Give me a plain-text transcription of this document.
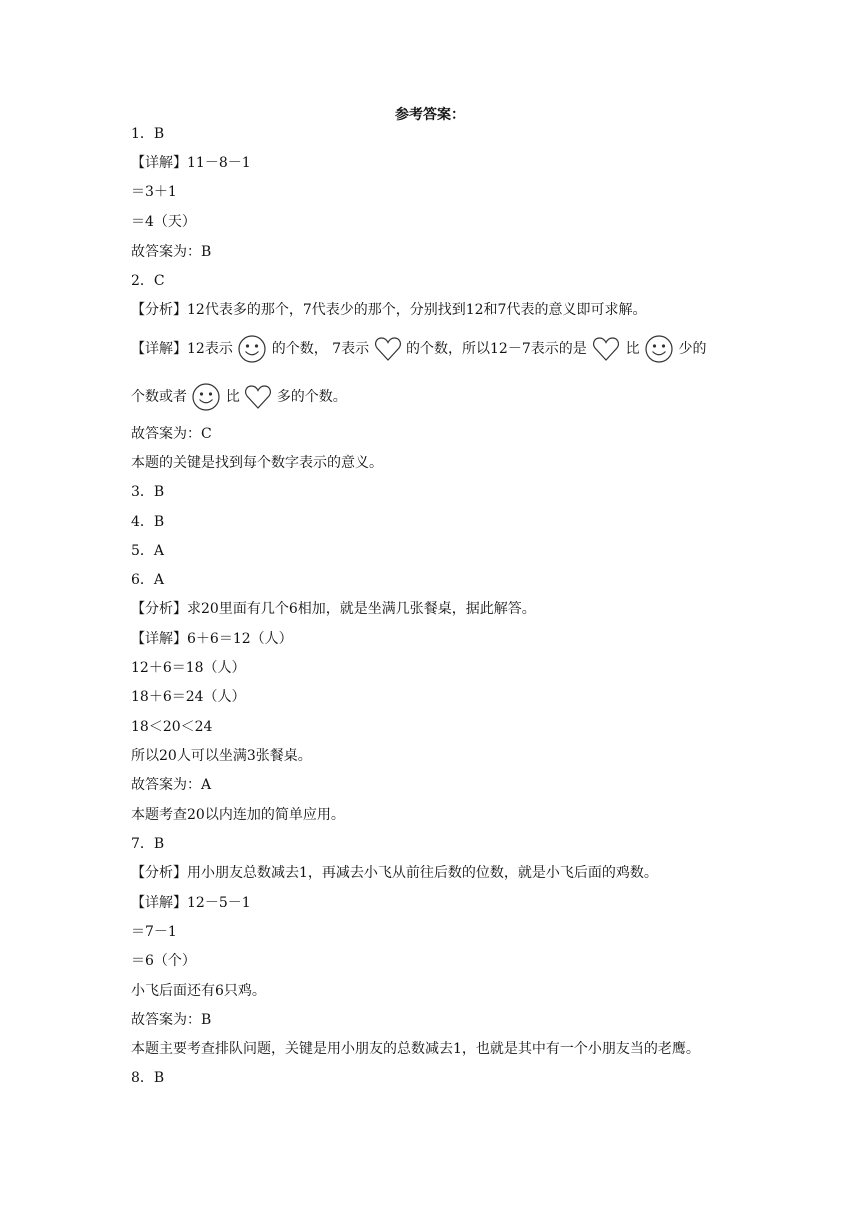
参考答案：
1．B
【详解】11－8－1
＝3＋1
＝4（天）
故答案为：B
2．C
【分析】12代表多的那个，7代表少的那个，分别找到12和7代表的意义即可求解。
【详解】12表示	的个数， 7表示	的个数，所以12－7表示的是	比	少的
个数或者	比	多的个数。
故答案为：C
本题的关键是找到每个数字表示的意义。
3．B
4．B
5．A
6．A
【分析】求20里面有几个6相加，就是坐满几张餐桌，据此解答。
【详解】6＋6＝12（人）
12＋6＝18（人）
18＋6＝24（人）
18＜20＜24
所以20人可以坐满3张餐桌。
故答案为：A
本题考查20以内连加的简单应用。
7．B
【分析】用小朋友总数减去1，再减去小飞从前往后数的位数，就是小飞后面的鸡数。
【详解】12－5－1
＝7－1
＝6（个）
小飞后面还有6只鸡。
故答案为：B
本题主要考查排队问题，关键是用小朋友的总数减去1，也就是其中有一个小朋友当的老鹰。
8．B
